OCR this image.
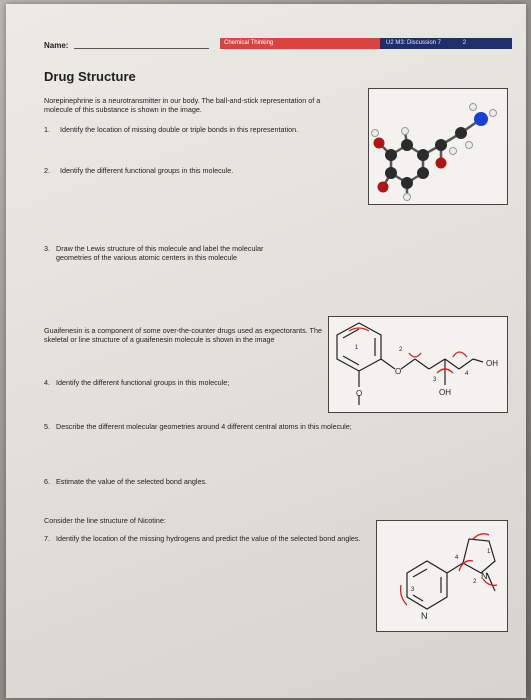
Name:	Chemical Thinking	U2 M3: Discussion 7	2
Drug Structure
Norepinephrine is a neurotransmitter in our body. The ball-and-stick representation of a molecule of this substance is shown in the image.
1. Identify the location of missing double or triple bonds in this representation.
2. Identify the different functional groups in this molecule.
3. Draw the Lewis structure of this molecule and label the molecular geometries of the various atomic centers in this molecule
Guaifenesin is a component of some over-the-counter drugs used as expectorants. The skeletal or line structure of a guaifenesin molecule is shown in the image
4. Identify the different functional groups in this molecule;
OH
OH
O
O
1	2
3
4
5. Describe the different molecular geometries around 4 different central atoms in this molecule;
6. Estimate the value of the selected bond angles.
Consider the line structure of Nicotine:
7. Identify the location of the missing hydrogens and predict the value of the selected bond angles.
N
N
1
2
3
4
